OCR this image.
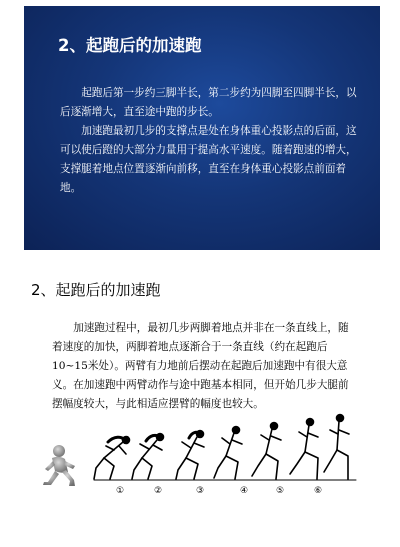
2、起跑后的加速跑

起跑后第一步约三脚半长，第二步约为四脚至四脚半长，以后逐渐增大，直至途中跑的步长。

加速跑最初几步的支撑点是处在身体重心投影点的后面，这可以使后蹬的大部分力量用于提高水平速度。随着跑速的增大，支撑腿着地点位置逐渐向前移，直至在身体重心投影点前面着地。

2、起跑后的加速跑

加速跑过程中，最初几步两脚着地点并非在一条直线上，随着速度的加快，两脚着地点逐渐合于一条直线（约在起跑后10~15米处）。两臂有力地前后摆动在起跑后加速跑中有很大意义。在加速跑中两臂动作与途中跑基本相同，但开始几步大腿前摆幅度较大，与此相适应摆臂的幅度也较大。

①	②	③	④	⑤	⑥
